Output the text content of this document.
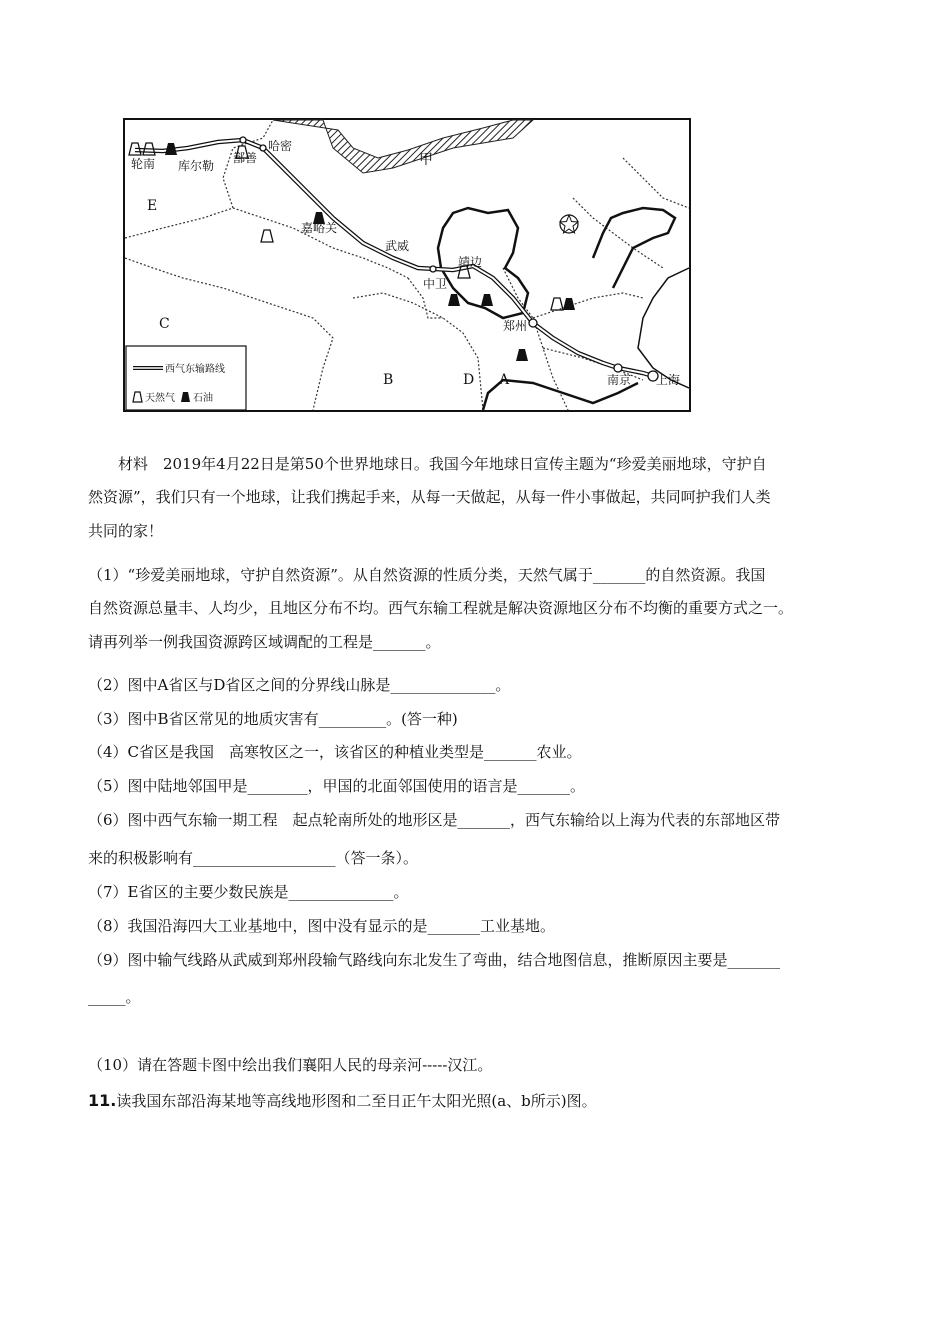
轮南 库尔勒
鄯善
哈密
嘉峪关
武威
靖边
中卫
郑州
南京 上海
甲
E
C
B	D A
西气东输路线
天然气 石油
材料　2019年4月22日是第50个世界地球日。我国今年地球日宣传主题为“珍爱美丽地球，守护自
然资源”，我们只有一个地球，让我们携起手来，从每一天做起，从每一件小事做起，共同呵护我们人类
共同的家！
（1）“珍爱美丽地球，守护自然资源”。从自然资源的性质分类，天然气属于_______的自然资源。我国
自然资源总量丰、人均少，且地区分布不均。西气东输工程就是解决资源地区分布不均衡的重要方式之一。
请再列举一例我国资源跨区域调配的工程是_______。
（2）图中A省区与D省区之间的分界线山脉是______________。
（3）图中B省区常见的地质灾害有_________。(答一种)
（4）C省区是我国　高寒牧区之一，该省区的种植业类型是_______农业。
（5）图中陆地邻国甲是________，甲国的北面邻国使用的语言是_______。
（6）图中西气东输一期工程　起点轮南所处的地形区是_______，西气东输给以上海为代表的东部地区带
来的积极影响有___________________（答一条）。
（7）E省区的主要少数民族是______________。
（8）我国沿海四大工业基地中，图中没有显示的是_______工业基地。
（9）图中输气线路从武威到郑州段输气路线向东北发生了弯曲，结合地图信息，推断原因主要是_______
_____。
（10）请在答题卡图中绘出我们襄阳人民的母亲河-----汉江。
11.读我国东部沿海某地等高线地形图和二至日正午太阳光照(a、b所示)图。
